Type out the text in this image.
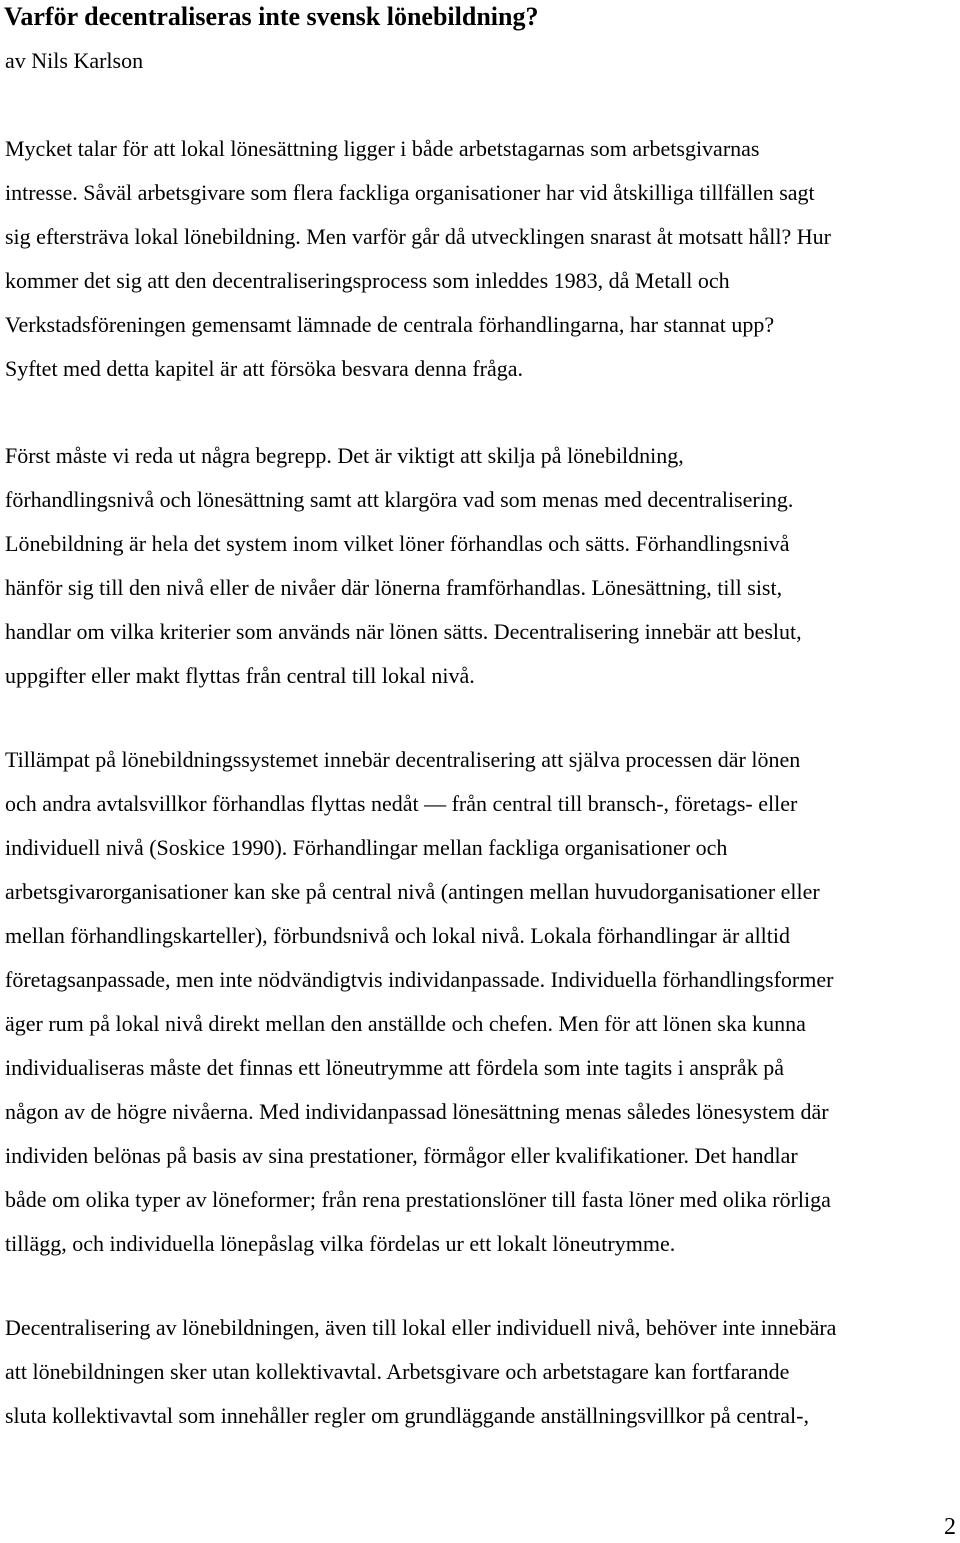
Varför decentraliseras inte svensk lönebildning?

av Nils Karlson

Mycket talar för att lokal lönesättning ligger i både arbetstagarnas som arbetsgivarnas
intresse. Såväl arbetsgivare som flera fackliga organisationer har vid åtskilliga tillfällen sagt
sig eftersträva lokal lönebildning. Men varför går då utvecklingen snarast åt motsatt håll? Hur
kommer det sig att den decentraliseringsprocess som inleddes 1983, då Metall och
Verkstadsföreningen gemensamt lämnade de centrala förhandlingarna, har stannat upp?
Syftet med detta kapitel är att försöka besvara denna fråga.

Först måste vi reda ut några begrepp. Det är viktigt att skilja på lönebildning,
förhandlingsnivå och lönesättning samt att klargöra vad som menas med decentralisering.
Lönebildning är hela det system inom vilket löner förhandlas och sätts. Förhandlingsnivå
hänför sig till den nivå eller de nivåer där lönerna framförhandlas. Lönesättning, till sist,
handlar om vilka kriterier som används när lönen sätts. Decentralisering innebär att beslut,
uppgifter eller makt flyttas från central till lokal nivå.

Tillämpat på lönebildningssystemet innebär decentralisering att själva processen där lönen
och andra avtalsvillkor förhandlas flyttas nedåt — från central till bransch-, företags- eller
individuell nivå (Soskice 1990). Förhandlingar mellan fackliga organisationer och
arbetsgivarorganisationer kan ske på central nivå (antingen mellan huvudorganisationer eller
mellan förhandlingskarteller), förbundsnivå och lokal nivå. Lokala förhandlingar är alltid
företagsanpassade, men inte nödvändigtvis individanpassade. Individuella förhandlingsformer
äger rum på lokal nivå direkt mellan den anställde och chefen. Men för att lönen ska kunna
individualiseras måste det finnas ett löneutrymme att fördela som inte tagits i anspråk på
någon av de högre nivåerna. Med individanpassad lönesättning menas således lönesystem där
individen belönas på basis av sina prestationer, förmågor eller kvalifikationer. Det handlar
både om olika typer av löneformer; från rena prestationslöner till fasta löner med olika rörliga
tillägg, och individuella lönepåslag vilka fördelas ur ett lokalt löneutrymme.

Decentralisering av lönebildningen, även till lokal eller individuell nivå, behöver inte innebära
att lönebildningen sker utan kollektivavtal. Arbetsgivare och arbetstagare kan fortfarande
sluta kollektivavtal som innehåller regler om grundläggande anställningsvillkor på central-,

2
